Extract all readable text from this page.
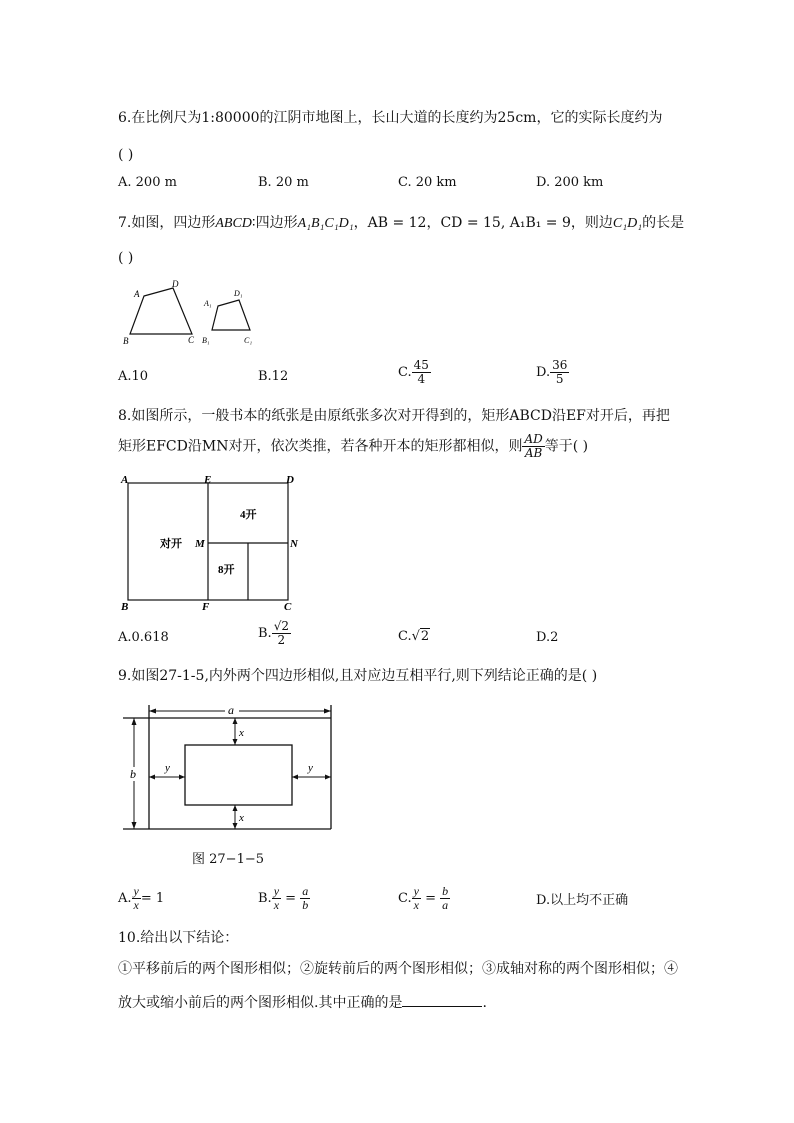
6.在比例尺为1:80000的江阴市地图上，长山大道的长度约为25cm，它的实际长度约为
( )
A. 200 m	B. 20 m	C. 20 km	D. 200 km
7.如图，四边形ABCD∶四边形A₁B₁C₁D₁，AB = 12，CD = 15, A₁B₁ = 9，则边C₁D₁的长是
( )
A
D
B	C
A₁
D₁
B₁	C₁
A.10	B.12	C. $\frac{45}{4}$	D. $\frac{36}{5}$
8.如图所示，一般书本的纸张是由原纸张多次对开得到的，矩形ABCD沿EF对开后，再把
矩形EFCD沿MN对开，依次类推，若各种开本的矩形都相似，则 $\frac{AD}{AB}$ 等于( )
A	E	D
B	F	C
M	N
对开
4开
8开
A.0.618	B. $\frac{√2}{2}$	C.√2	D.2
9.如图27-1-5,内外两个四边形相似,且对应边互相平行,则下列结论正确的是( )
a
b
x
x
y	y
图 27−1−5
A. $\frac{y}{x} = 1$	B. $\frac{y}{x} = \frac{a}{b}$	C. $\frac{y}{x} = \frac{b}{a}$	D.以上均不正确
10.给出以下结论：
①平移前后的两个图形相似；②旋转前后的两个图形相似；③成轴对称的两个图形相似；④
放大或缩小前后的两个图形相似.其中正确的是	.
